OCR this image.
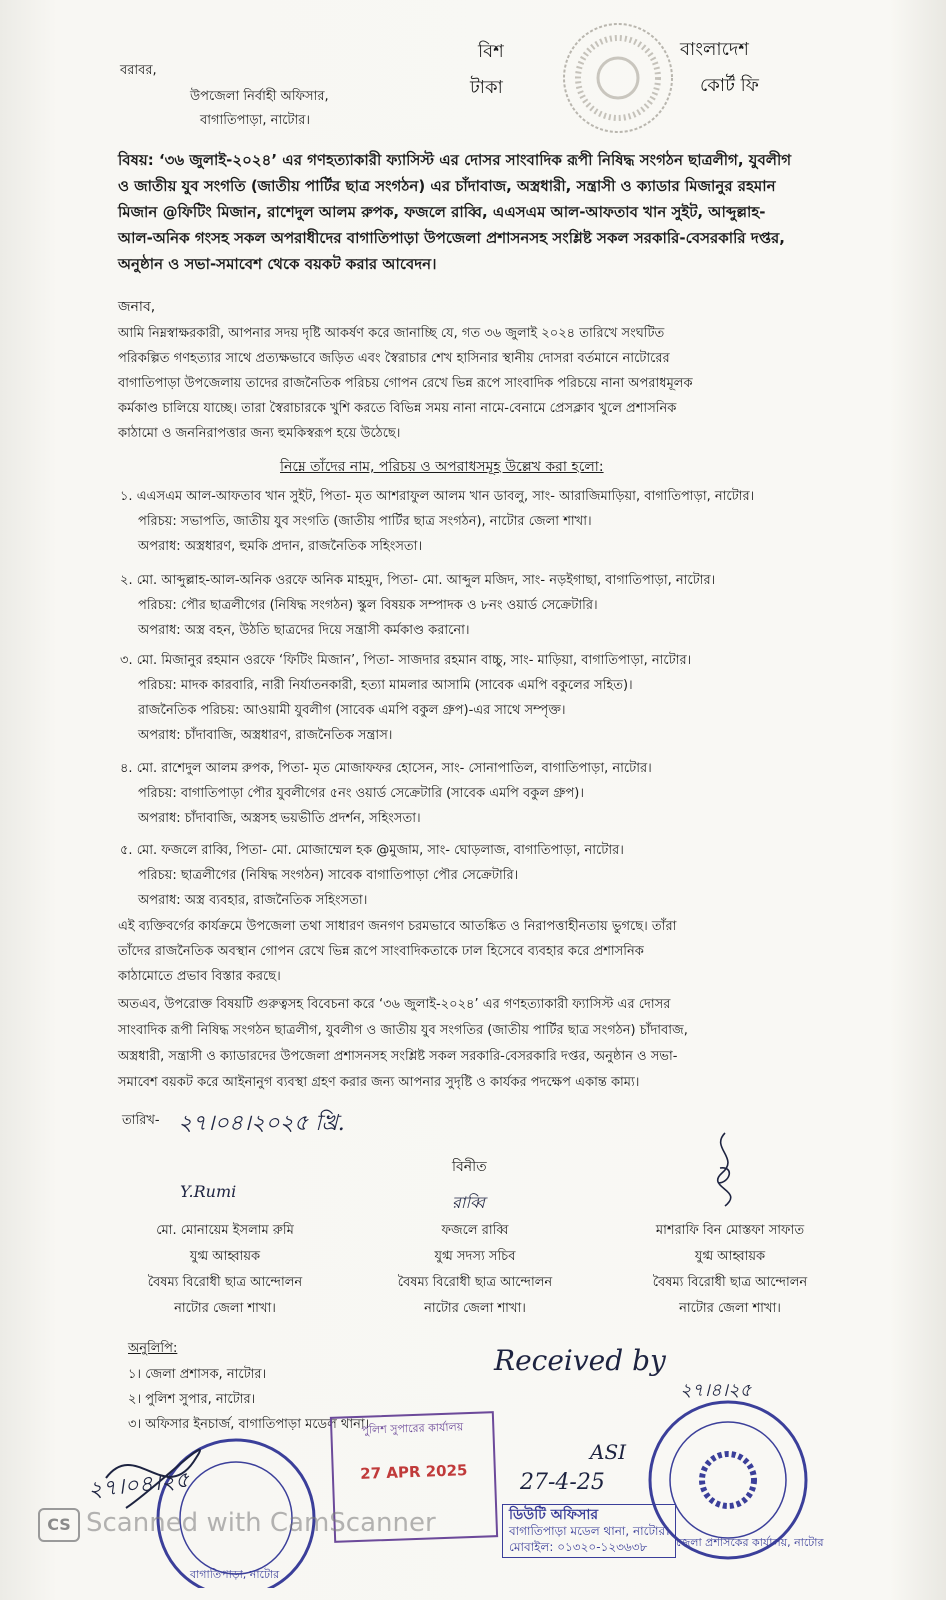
বরাবর,
উপজেলা নির্বাহী অফিসার,
বাগাতিপাড়া, নাটোর।
বিশ
টাকা
বাংলাদেশ
কোর্ট ফি
বিষয়: ‘৩৬ জুলাই-২০২৪’ এর গণহত্যাকারী ফ্যাসিস্ট এর দোসর সাংবাদিক রূপী নিষিদ্ধ সংগঠন ছাত্রলীগ, যুবলীগ
ও জাতীয় যুব সংগতি (জাতীয় পার্টির ছাত্র সংগঠন) এর চাঁদাবাজ, অস্ত্রধারী, সন্ত্রাসী ও ক্যাডার মিজানুর রহমান
মিজান @ফিটিং মিজান, রাশেদুল আলম রুপক, ফজলে রাব্বি, এএসএম আল-আফতাব খান সুইট, আব্দুল্লাহ-
আল-অনিক গংসহ সকল অপরাধীদের বাগাতিপাড়া উপজেলা প্রশাসনসহ সংশ্লিষ্ট সকল সরকারি-বেসরকারি দপ্তর,
অনুষ্ঠান ও সভা-সমাবেশ থেকে বয়কট করার আবেদন।
জনাব,
আমি নিম্নস্বাক্ষরকারী, আপনার সদয় দৃষ্টি আকর্ষণ করে জানাচ্ছি যে, গত ৩৬ জুলাই ২০২৪ তারিখে সংঘটিত
পরিকল্পিত গণহত্যার সাথে প্রত্যক্ষভাবে জড়িত এবং স্বৈরাচার শেখ হাসিনার স্থানীয় দোসরা বর্তমানে নাটোরের
বাগাতিপাড়া উপজেলায় তাদের রাজনৈতিক পরিচয় গোপন রেখে ভিন্ন রূপে সাংবাদিক পরিচয়ে নানা অপরাধমূলক
কর্মকাণ্ড চালিয়ে যাচ্ছে। তারা স্বৈরাচারকে খুশি করতে বিভিন্ন সময় নানা নামে-বেনামে প্রেসক্লাব খুলে প্রশাসনিক
কাঠামো ও জননিরাপত্তার জন্য হুমকিস্বরূপ হয়ে উঠেছে।
নিম্নে তাঁদের নাম, পরিচয় ও অপরাধসমূহ উল্লেখ করা হলো:
১. এএসএম আল-আফতাব খান সুইট, পিতা- মৃত আশরাফুল আলম খান ডাবলু, সাং- আরাজিমাড়িয়া, বাগাতিপাড়া, নাটোর।
পরিচয়: সভাপতি, জাতীয় যুব সংগতি (জাতীয় পার্টির ছাত্র সংগঠন), নাটোর জেলা শাখা।
অপরাধ: অস্ত্রধারণ, হুমকি প্রদান, রাজনৈতিক সহিংসতা।
২. মো. আব্দুল্লাহ-আল-অনিক ওরফে অনিক মাহমুদ, পিতা- মো. আব্দুল মজিদ, সাং- নড়ইগাছা, বাগাতিপাড়া, নাটোর।
পরিচয়: পৌর ছাত্রলীগের (নিষিদ্ধ সংগঠন) স্কুল বিষয়ক সম্পাদক ও ৮নং ওয়ার্ড সেক্রেটারি।
অপরাধ: অস্ত্র বহন, উঠতি ছাত্রদের দিয়ে সন্ত্রাসী কর্মকাণ্ড করানো।
৩. মো. মিজানুর রহমান ওরফে ‘ফিটিং মিজান’, পিতা- সাজদার রহমান বাচ্চু, সাং- মাড়িয়া, বাগাতিপাড়া, নাটোর।
পরিচয়: মাদক কারবারি, নারী নির্যাতনকারী, হত্যা মামলার আসামি (সাবেক এমপি বকুলের সহিত)।
রাজনৈতিক পরিচয়: আওয়ামী যুবলীগ (সাবেক এমপি বকুল গ্রুপ)-এর সাথে সম্পৃক্ত।
অপরাধ: চাঁদাবাজি, অস্ত্রধারণ, রাজনৈতিক সন্ত্রাস।
৪. মো. রাশেদুল আলম রুপক, পিতা- মৃত মোজাফফর হোসেন, সাং- সোনাপাতিল, বাগাতিপাড়া, নাটোর।
পরিচয়: বাগাতিপাড়া পৌর যুবলীগের ৫নং ওয়ার্ড সেক্রেটারি (সাবেক এমপি বকুল গ্রুপ)।
অপরাধ: চাঁদাবাজি, অস্ত্রসহ ভয়ভীতি প্রদর্শন, সহিংসতা।
৫. মো. ফজলে রাব্বি, পিতা- মো. মোজাম্মেল হক @মুজাম, সাং- ঘোড়লাজ, বাগাতিপাড়া, নাটোর।
পরিচয়: ছাত্রলীগের (নিষিদ্ধ সংগঠন) সাবেক বাগাতিপাড়া পৌর সেক্রেটারি।
অপরাধ: অস্ত্র ব্যবহার, রাজনৈতিক সহিংসতা।
এই ব্যক্তিবর্গের কার্যক্রমে উপজেলা তথা সাধারণ জনগণ চরমভাবে আতঙ্কিত ও নিরাপত্তাহীনতায় ভুগছে। তাঁরা
তাঁদের রাজনৈতিক অবস্থান গোপন রেখে ভিন্ন রূপে সাংবাদিকতাকে ঢাল হিসেবে ব্যবহার করে প্রশাসনিক
কাঠামোতে প্রভাব বিস্তার করছে।
অতএব, উপরোক্ত বিষয়টি গুরুত্বসহ বিবেচনা করে ‘৩৬ জুলাই-২০২৪’ এর গণহত্যাকারী ফ্যাসিস্ট এর দোসর
সাংবাদিক রূপী নিষিদ্ধ সংগঠন ছাত্রলীগ, যুবলীগ ও জাতীয় যুব সংগতির (জাতীয় পার্টির ছাত্র সংগঠন) চাঁদাবাজ,
অস্ত্রধারী, সন্ত্রাসী ও ক্যাডারদের উপজেলা প্রশাসনসহ সংশ্লিষ্ট সকল সরকারি-বেসরকারি দপ্তর, অনুষ্ঠান ও সভা-
সমাবেশ বয়কট করে আইনানুগ ব্যবস্থা গ্রহণ করার জন্য আপনার সুদৃষ্টি ও কার্যকর পদক্ষেপ একান্ত কাম্য।
তারিখ- ২৭।০৪।২০২৫ খ্রি.
বিনীত
Y.Rumi
মো. মোনায়েম ইসলাম রুমি
যুগ্ম আহ্বায়ক
বৈষম্য বিরোধী ছাত্র আন্দোলন
নাটোর জেলা শাখা।
রাব্বি
ফজলে রাব্বি
যুগ্ম সদস্য সচিব
বৈষম্য বিরোধী ছাত্র আন্দোলন
নাটোর জেলা শাখা।
মাশরাফি বিন মোস্তফা সাফাত
যুগ্ম আহ্বায়ক
বৈষম্য বিরোধী ছাত্র আন্দোলন
নাটোর জেলা শাখা।
অনুলিপি:
১। জেলা প্রশাসক, নাটোর।
২। পুলিশ সুপার, নাটোর।
৩। অফিসার ইনচার্জ, বাগাতিপাড়া মডেল থানা।
Received by
২৭।৪।২৫
ASI
27-4-25
ডিউটি অফিসার
বাগাতিপাড়া মডেল থানা, নাটোর।
মোবাইল: ০১৩২০-১২৩৬৩৮
পুলিশ সুপারের কার্যালয়
27 APR 2025
জেলা প্রশাসকের কার্যালয়, নাটোর
২৭।০৪।২৫
বাগাতিপাড়া, নাটোর
CS Scanned with CamScanner
